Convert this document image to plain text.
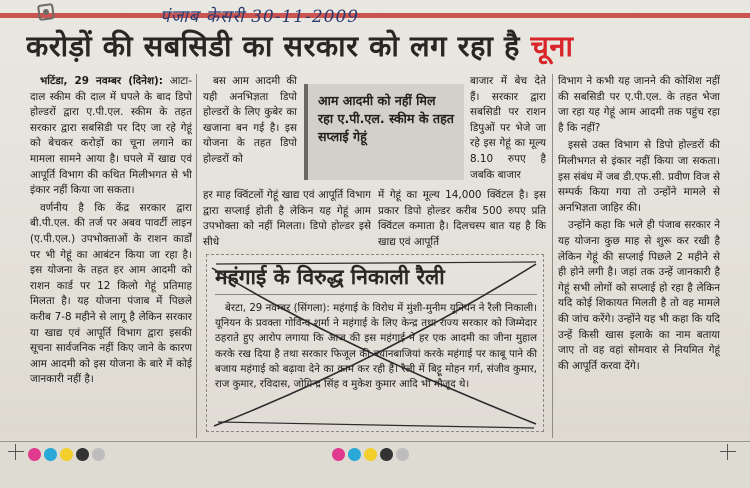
पंजाब केसरी 30-11-2009
करोड़ों की सबसिडी का सरकार को लग रहा है चूना

भटिंडा, 29 नवम्बर (दिनेश): आटा-दाल स्कीम की दाल में घपले के बाद डिपो होल्डरों द्वारा ए.पी.एल. स्कीम के तहत सरकार द्वारा सबसिडी पर दिए जा रहे गेहूं को बेचकर करोड़ों का चूना लगाने का मामला सामने आया है। घपले में खाद्य एवं आपूर्ति विभाग की कथित मिलीभगत से भी इंकार नहीं किया जा सकता।

वर्णनीय है कि केंद्र सरकार द्वारा बी.पी.एल. की तर्ज पर अबव पावर्टी लाइन (ए.पी.एल.) उपभोक्ताओं के राशन कार्डों पर भी गेहूं का आबंटन किया जा रहा है। इस योजना के तहत हर आम आदमी को राशन कार्ड पर 12 किलो गेहूं प्रतिमाह मिलता है। यह योजना पंजाब में पिछले करीब 7-8 महीने से लागू है लेकिन सरकार या खाद्य एवं आपूर्ति विभाग द्वारा इसकी सूचना सार्वजनिक नहीं किए जाने के कारण आम आदमी को इस योजना के बारे में कोई जानकारी नहीं है।

बस आम आदमी की यही अनभिज्ञता डिपो होल्डरों के लिए कुबेर का खजाना बन गई है। इस योजना के तहत डिपो होल्डरों को

आम आदमी को नहीं मिल रहा ए.पी.एल. स्कीम के तहत सप्लाई गेहूं

हर माह क्विंटलों गेहूं खाद्य एवं आपूर्ति विभाग द्वारा सप्लाई होती है लेकिन यह गेहूं आम उपभोक्ता को नहीं मिलता। डिपो होल्डर इसे सीधे

बाजार में बेच देते हैं। सरकार द्वारा सबसिडी पर राशन डिपुओं पर भेजे जा रहे इस गेहूं का मूल्य 8.10 रुपए है जबकि बाजार

में गेहूं का मूल्य 14,000 क्विंटल है। इस प्रकार डिपो होल्डर करीब 500 रुपए प्रति क्विंटल कमाता है। दिलचस्प बात यह है कि खाद्य एवं आपूर्ति

विभाग ने कभी यह जानने की कोशिश नहीं की सबसिडी पर ए.पी.एल. के तहत भेजा जा रहा यह गेहूं आम आदमी तक पहुंच रहा है कि नहीं?

इससे उक्त विभाग से डिपो होल्डरों की मिलीभगत से इंकार नहीं किया जा सकता। इस संबंध में जब डी.एफ.सी. प्रवीण विज से सम्पर्क किया गया तो उन्होंने मामले से अनभिज्ञता जाहिर की।

उन्होंने कहा कि भले ही पंजाब सरकार ने यह योजना कुछ माह से शुरू कर रखी है लेकिन गेहूं की सप्लाई पिछले 2 महीने से ही होने लगी है। जहां तक उन्हें जानकारी है गेहूं सभी लोगों को सप्लाई हो रहा है लेकिन यदि कोई शिकायत मिलती है तो वह मामले की जांच करेंगे। उन्होंने यह भी कहा कि यदि उन्हें किसी खास इलाके का नाम बताया जाए तो वह वहां सोमवार से नियमित गेहूं की आपूर्ति करवा देंगे।

महंगाई के विरुद्ध निकाली रैली
बेरटा, 29 नवम्बर (सिंगला): महंगाई के विरोध में मुंशी-मुनीम यूनियन ने रैली निकाली। यूनियन के प्रवक्ता गोविन्द शर्मा ने महंगाई के लिए केन्द्र तथा राज्य सरकार को जिम्मेदार ठहराते हुए आरोप लगाया कि आज की इस महंगाई ने हर एक आदमी का जीना मुहाल करके रख दिया है तथा सरकार फिजूल की बयानबाजियां करके महंगाई पर काबू पाने की बजाय महंगाई को बढ़ावा देने का काम कर रही है। रैली में बिट्टू मोहन गर्ग, संजीव कुमार, राज कुमार, रविदास, जोगिन्द्र सिंह व मुकेश कुमार आदि भी मौजूद थे।
